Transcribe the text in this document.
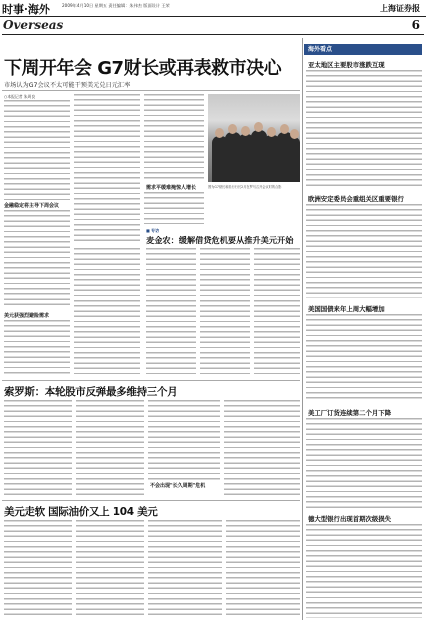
时事·海外	2009年4月10日 星期五 责任编辑：朱伟杰 版面设计 王荣	上海证券报
Overseas	6
下周开年会 G7财长或再表救市决心
市场认为G7会议不太可能干预美元兑日元汇率
○本报记者 朱周良
金融稳定将主导下周会议
美元获强烈避险需求
需求平缓难掩惊人增长	图为G7财长和央行行长2月在罗马召开会议时的合影
■ 专访
麦金农：缓解借贷危机要从推升美元开始
索罗斯：本轮股市反弹最多维持三个月
不会出现"长久周期"危机
美元走软 国际油价又上 104 美元
海外看点
亚太地区主要股市涨跌互现
欧洲安定委员会重组关区重要银行
美国国债来年上周大幅增加
美工厂订货连续第二个月下降
德大型银行出现首期次级损失
